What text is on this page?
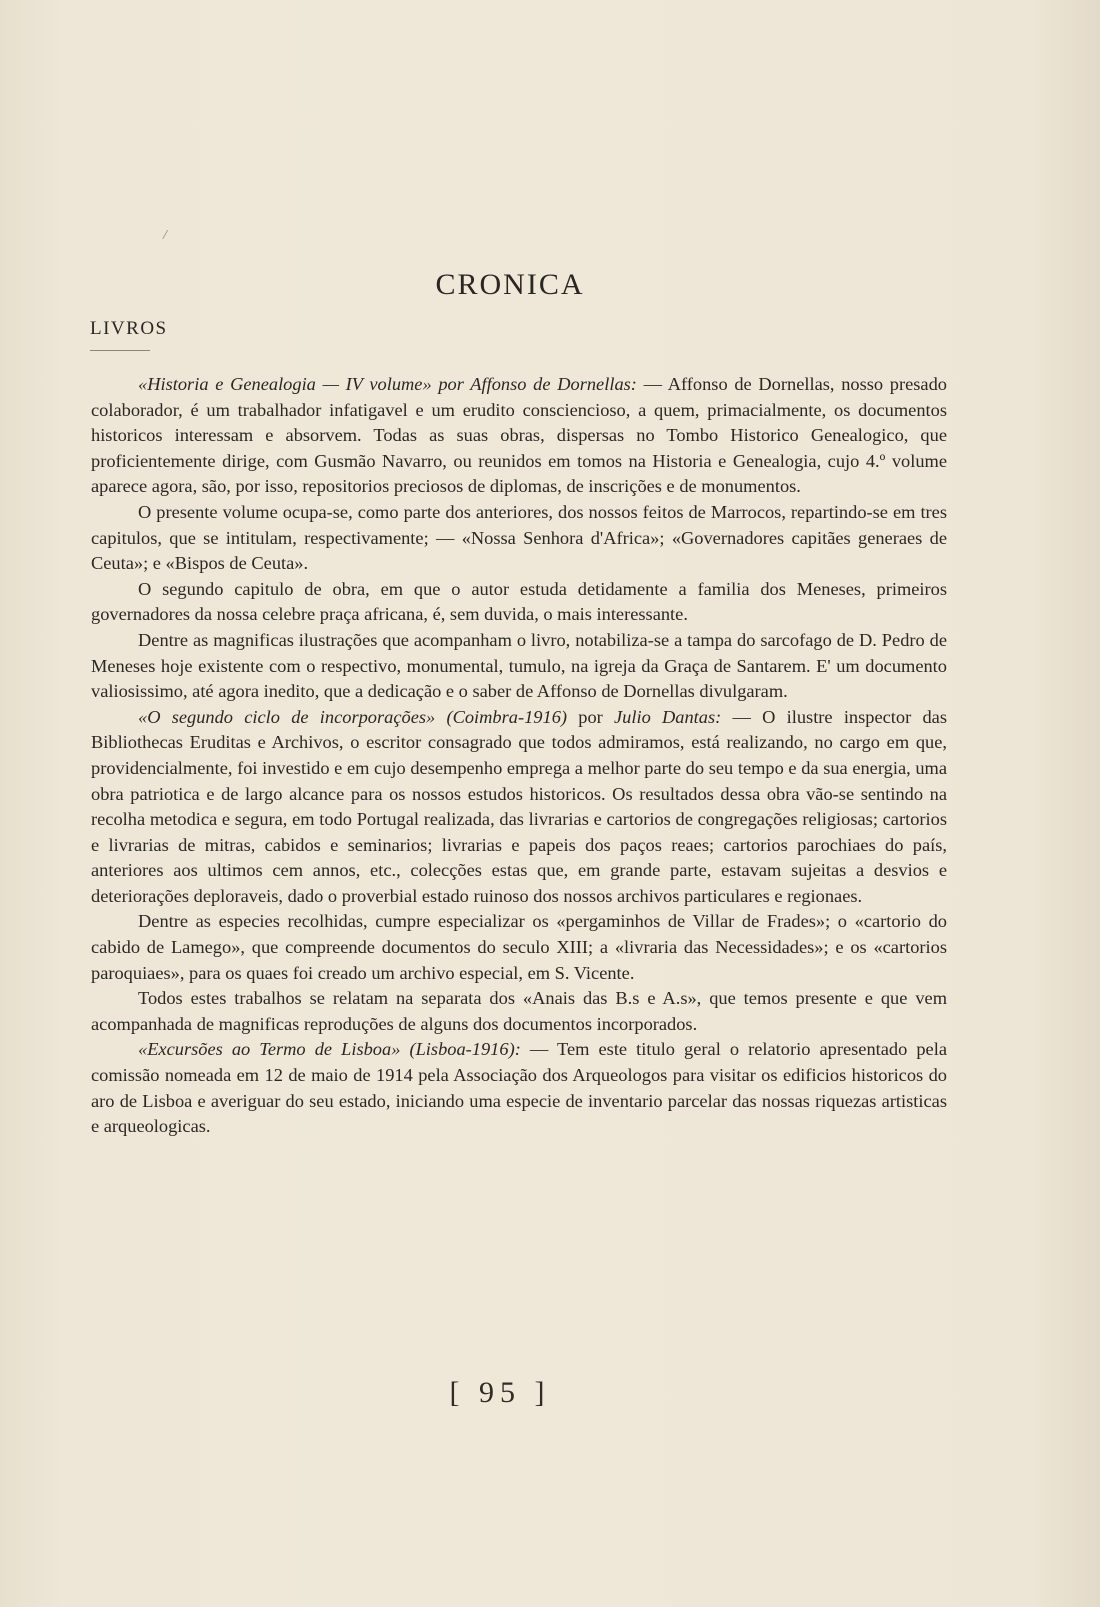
/
CRONICA
LIVROS

«Historia e Genealogia — IV volume» por Affonso de Dornellas: — Affonso de Dornellas, nosso presado colaborador, é um trabalhador infatigavel e um erudito consciencioso, a quem, primacialmente, os documentos historicos interessam e absorvem. Todas as suas obras, dispersas no Tombo Historico Genealogico, que proficientemente dirige, com Gusmão Navarro, ou reunidos em tomos na Historia e Genealogia, cujo 4.º volume aparece agora, são, por isso, repositorios preciosos de diplomas, de inscrições e de monumentos.

O presente volume ocupa-se, como parte dos anteriores, dos nossos feitos de Marrocos, repartindo-se em tres capitulos, que se intitulam, respectivamente; — «Nossa Senhora d'Africa»; «Governadores capitães generaes de Ceuta»; e «Bispos de Ceuta».

O segundo capitulo de obra, em que o autor estuda detidamente a familia dos Meneses, primeiros governadores da nossa celebre praça africana, é, sem duvida, o mais interessante.

Dentre as magnificas ilustrações que acompanham o livro, notabiliza-se a tampa do sarcofago de D. Pedro de Meneses hoje existente com o respectivo, monumental, tumulo, na igreja da Graça de Santarem. E' um documento valiosissimo, até agora inedito, que a dedicação e o saber de Affonso de Dornellas divulgaram.

«O segundo ciclo de incorporações» (Coimbra-1916) por Julio Dantas: — O ilustre inspector das Bibliothecas Eruditas e Archivos, o escritor consagrado que todos admiramos, está realizando, no cargo em que, providencialmente, foi investido e em cujo desempenho emprega a melhor parte do seu tempo e da sua energia, uma obra patriotica e de largo alcance para os nossos estudos historicos. Os resultados dessa obra vão-se sentindo na recolha metodica e segura, em todo Portugal realizada, das livrarias e cartorios de congregações religiosas; cartorios e livrarias de mitras, cabidos e seminarios; livrarias e papeis dos paços reaes; cartorios parochiaes do país, anteriores aos ultimos cem annos, etc., colecções estas que, em grande parte, estavam sujeitas a desvios e deteriorações deploraveis, dado o proverbial estado ruinoso dos nossos archivos particulares e regionaes.

Dentre as especies recolhidas, cumpre especializar os «pergaminhos de Villar de Frades»; o «cartorio do cabido de Lamego», que compreende documentos do seculo XIII; a «livraria das Necessidades»; e os «cartorios paroquiaes», para os quaes foi creado um archivo especial, em S. Vicente.

Todos estes trabalhos se relatam na separata dos «Anais das B.s e A.s», que temos presente e que vem acompanhada de magnificas reproduções de alguns dos documentos incorporados.

«Excursões ao Termo de Lisboa» (Lisboa-1916): — Tem este titulo geral o relatorio apresentado pela comissão nomeada em 12 de maio de 1914 pela Associação dos Arqueologos para visitar os edificios historicos do aro de Lisboa e averiguar do seu estado, iniciando uma especie de inventario parcelar das nossas riquezas artisticas e arqueologicas.

[ 95 ]
